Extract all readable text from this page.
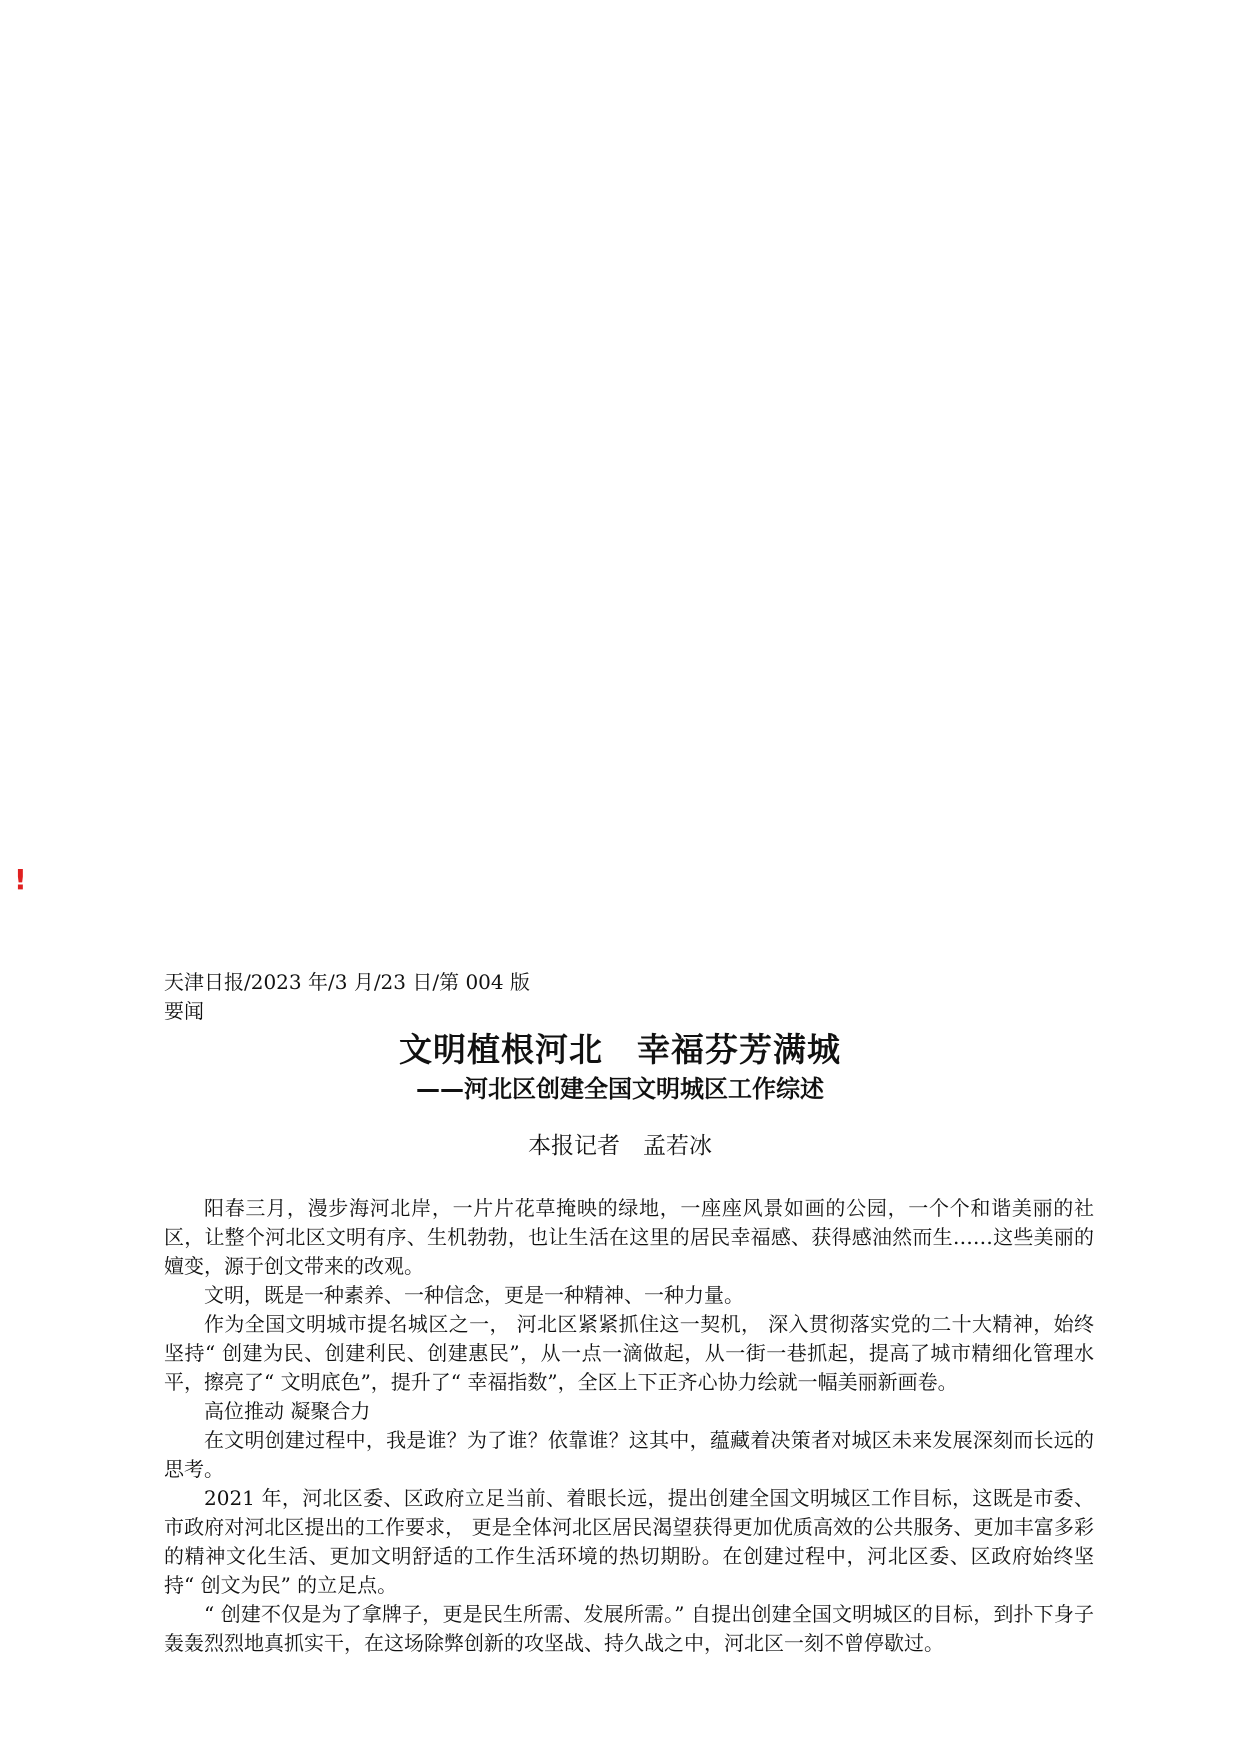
!
天津日报/2023 年/3 月/23 日/第 004 版要闻
文明植根河北　幸福芬芳满城
——河北区创建全国文明城区工作综述
本报记者　孟若冰

阳春三月，漫步海河北岸，一片片花草掩映的绿地，一座座风景如画的公园，一个个和谐美丽的社区，让整个河北区文明有序、生机勃勃，也让生活在这里的居民幸福感、获得感油然而生……这些美丽的嬗变，源于创文带来的改观。

文明，既是一种素养、一种信念，更是一种精神、一种力量。

作为全国文明城市提名城区之一， 河北区紧紧抓住这一契机， 深入贯彻落实党的二十大精神，始终坚持“ 创建为民、创建利民、创建惠民”，从一点一滴做起，从一街一巷抓起，提高了城市精细化管理水平，擦亮了“ 文明底色”，提升了“ 幸福指数”，全区上下正齐心协力绘就一幅美丽新画卷。

高位推动 凝聚合力

在文明创建过程中，我是谁？为了谁？依靠谁？这其中，蕴藏着决策者对城区未来发展深刻而长远的思考。

2021 年，河北区委、区政府立足当前、着眼长远，提出创建全国文明城区工作目标，这既是市委、 市政府对河北区提出的工作要求， 更是全体河北区居民渴望获得更加优质高效的公共服务、更加丰富多彩的精神文化生活、更加文明舒适的工作生活环境的热切期盼。在创建过程中，河北区委、区政府始终坚持“ 创文为民” 的立足点。

“ 创建不仅是为了拿牌子，更是民生所需、发展所需。” 自提出创建全国文明城区的目标，到扑下身子轰轰烈烈地真抓实干，在这场除弊创新的攻坚战、持久战之中，河北区一刻不曾停歇过。
